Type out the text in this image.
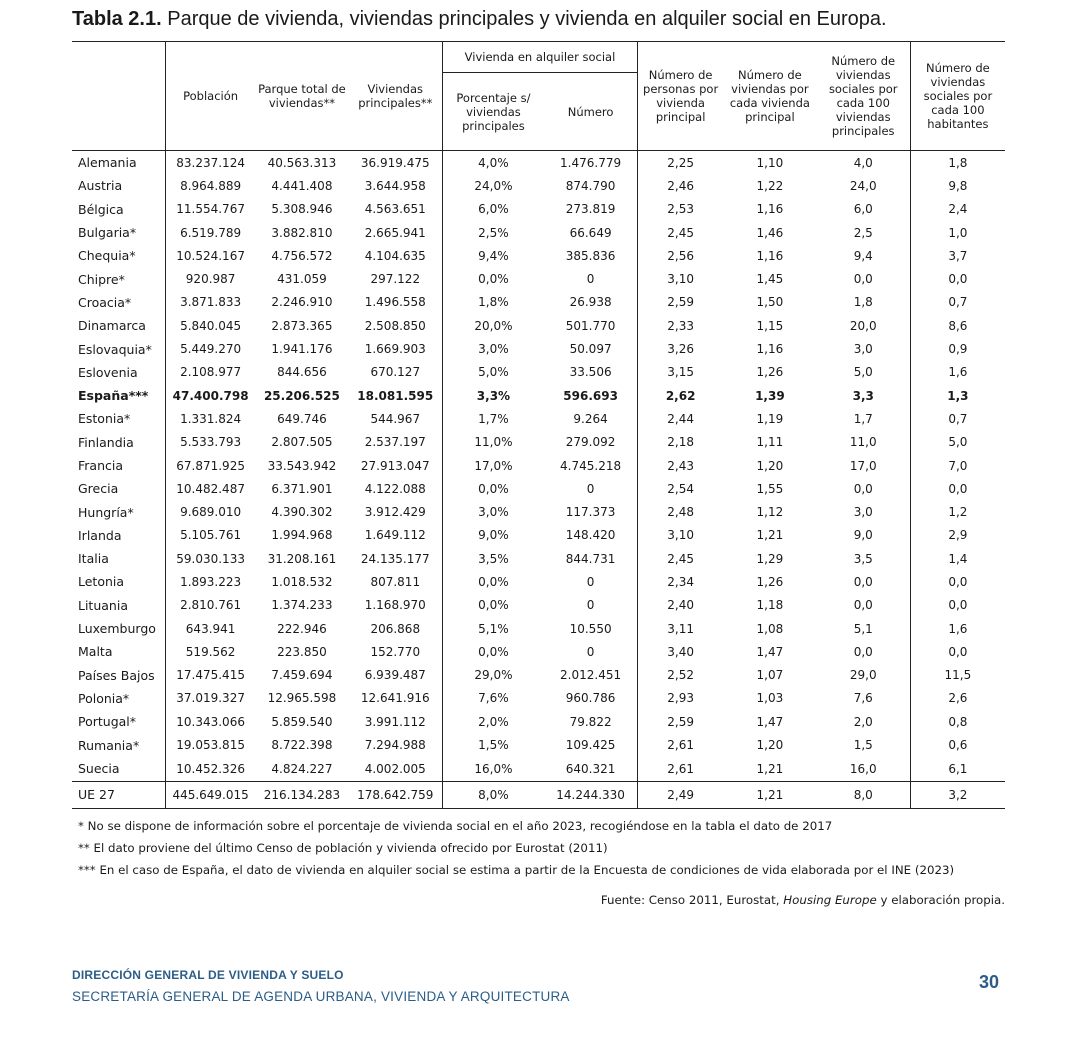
Tabla 2.1. Parque de vivienda, viviendas principales y vivienda en alquiler social en Europa.
	Población	Parque total de viviendas**	Viviendas principales**	Vivienda en alquiler social		Número de personas por vivienda principal	Número de viviendas por cada vivienda principal	Número de viviendas sociales por cada 100 viviendas principales	Número de viviendas sociales por cada 100 habitantes
				Porcentaje s/ viviendas principales	Número				
Alemania	83.237.124	40.563.313	36.919.475	4,0%	1.476.779	2,25	1,10	4,0	1,8
Austria	8.964.889	4.441.408	3.644.958	24,0%	874.790	2,46	1,22	24,0	9,8
Bélgica	11.554.767	5.308.946	4.563.651	6,0%	273.819	2,53	1,16	6,0	2,4
Bulgaria*	6.519.789	3.882.810	2.665.941	2,5%	66.649	2,45	1,46	2,5	1,0
Chequia*	10.524.167	4.756.572	4.104.635	9,4%	385.836	2,56	1,16	9,4	3,7
Chipre*	920.987	431.059	297.122	0,0%	0	3,10	1,45	0,0	0,0
Croacia*	3.871.833	2.246.910	1.496.558	1,8%	26.938	2,59	1,50	1,8	0,7
Dinamarca	5.840.045	2.873.365	2.508.850	20,0%	501.770	2,33	1,15	20,0	8,6
Eslovaquia*	5.449.270	1.941.176	1.669.903	3,0%	50.097	3,26	1,16	3,0	0,9
Eslovenia	2.108.977	844.656	670.127	5,0%	33.506	3,15	1,26	5,0	1,6
España***	47.400.798	25.206.525	18.081.595	3,3%	596.693	2,62	1,39	3,3	1,3
Estonia*	1.331.824	649.746	544.967	1,7%	9.264	2,44	1,19	1,7	0,7
Finlandia	5.533.793	2.807.505	2.537.197	11,0%	279.092	2,18	1,11	11,0	5,0
Francia	67.871.925	33.543.942	27.913.047	17,0%	4.745.218	2,43	1,20	17,0	7,0
Grecia	10.482.487	6.371.901	4.122.088	0,0%	0	2,54	1,55	0,0	0,0
Hungría*	9.689.010	4.390.302	3.912.429	3,0%	117.373	2,48	1,12	3,0	1,2
Irlanda	5.105.761	1.994.968	1.649.112	9,0%	148.420	3,10	1,21	9,0	2,9
Italia	59.030.133	31.208.161	24.135.177	3,5%	844.731	2,45	1,29	3,5	1,4
Letonia	1.893.223	1.018.532	807.811	0,0%	0	2,34	1,26	0,0	0,0
Lituania	2.810.761	1.374.233	1.168.970	0,0%	0	2,40	1,18	0,0	0,0
Luxemburgo	643.941	222.946	206.868	5,1%	10.550	3,11	1,08	5,1	1,6
Malta	519.562	223.850	152.770	0,0%	0	3,40	1,47	0,0	0,0
Países Bajos	17.475.415	7.459.694	6.939.487	29,0%	2.012.451	2,52	1,07	29,0	11,5
Polonia*	37.019.327	12.965.598	12.641.916	7,6%	960.786	2,93	1,03	7,6	2,6
Portugal*	10.343.066	5.859.540	3.991.112	2,0%	79.822	2,59	1,47	2,0	0,8
Rumania*	19.053.815	8.722.398	7.294.988	1,5%	109.425	2,61	1,20	1,5	0,6
Suecia	10.452.326	4.824.227	4.002.005	16,0%	640.321	2,61	1,21	16,0	6,1
UE 27	445.649.015	216.134.283	178.642.759	8,0%	14.244.330	2,49	1,21	8,0	3,2
* No se dispone de información sobre el porcentaje de vivienda social en el año 2023, recogiéndose en la tabla el dato de 2017
** El dato proviene del último Censo de población y vivienda ofrecido por Eurostat (2011)
*** En el caso de España, el dato de vivienda en alquiler social se estima a partir de la Encuesta de condiciones de vida elaborada por el INE (2023)
Fuente: Censo 2011, Eurostat, Housing Europe y elaboración propia.
DIRECCIÓN GENERAL DE VIVIENDA Y SUELO
SECRETARÍA GENERAL DE AGENDA URBANA, VIVIENDA Y ARQUITECTURA
30
